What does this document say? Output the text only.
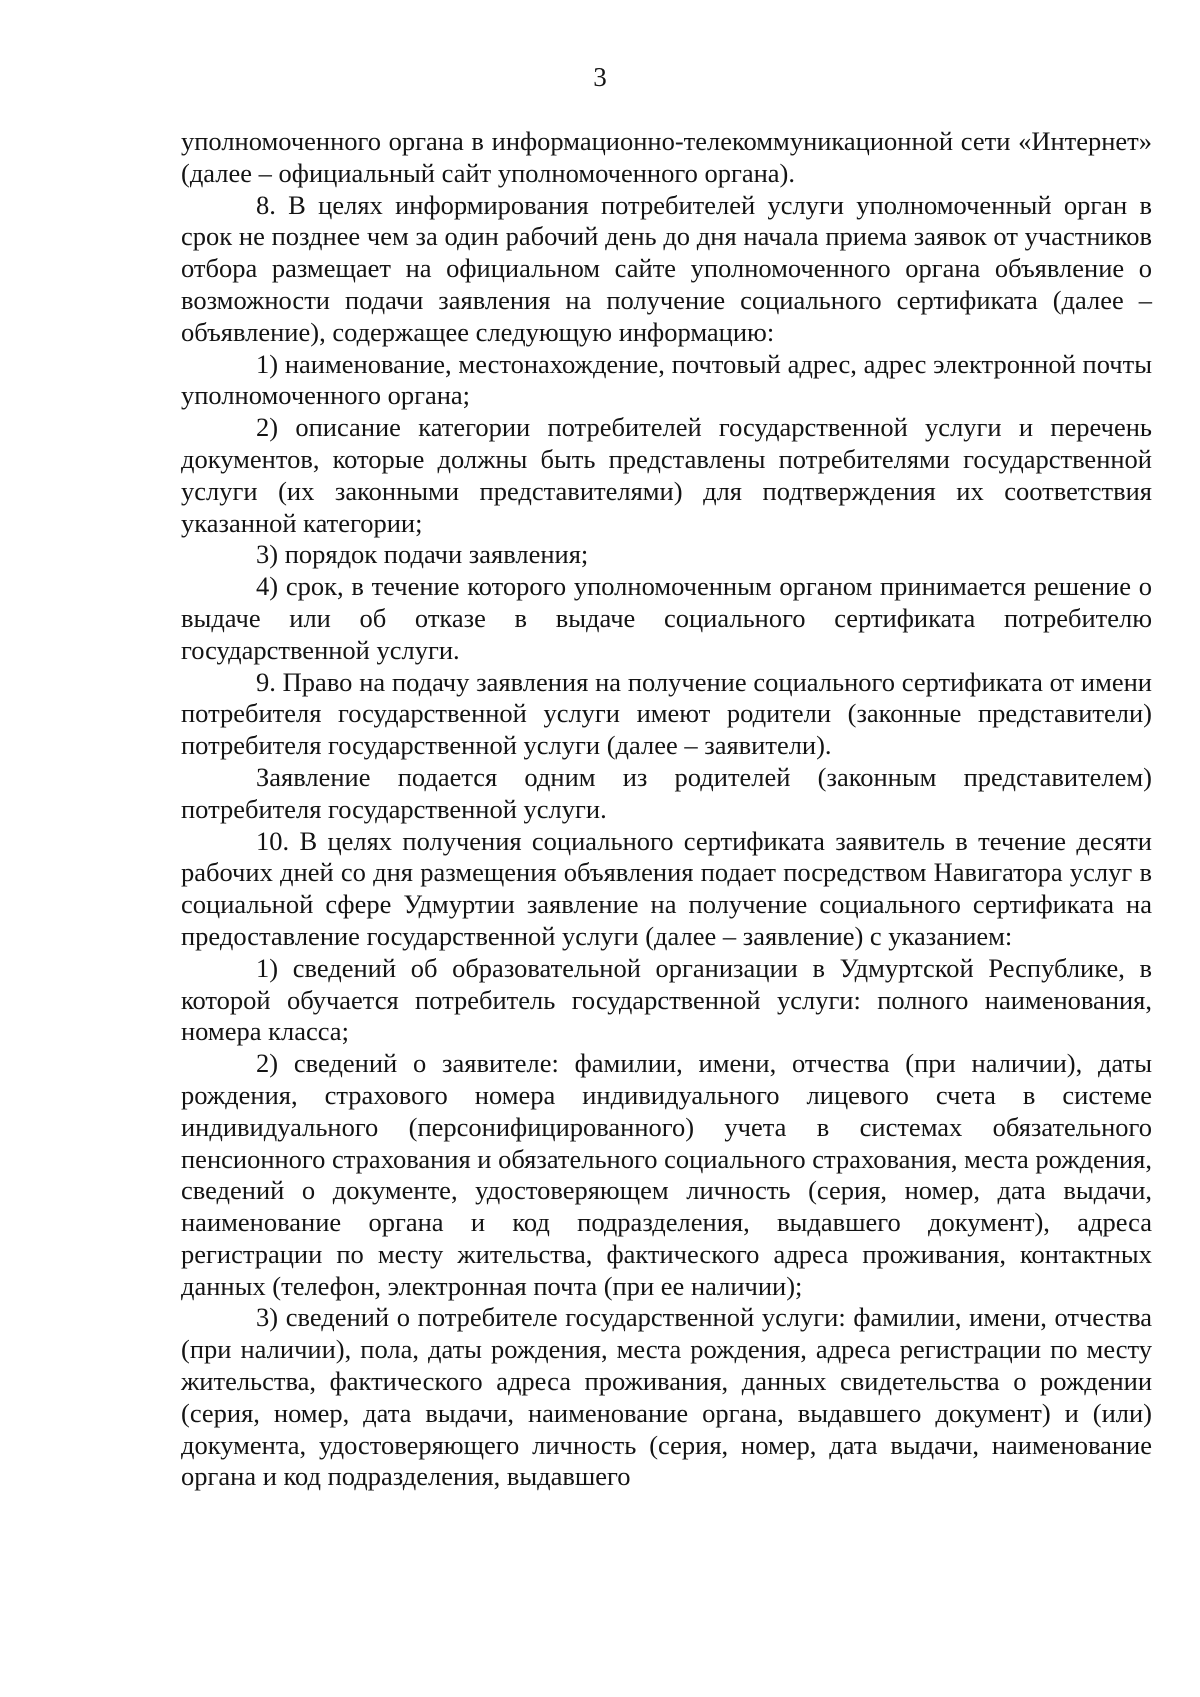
3

уполномоченного органа в информационно-телекоммуникационной сети «Интернет» (далее – официальный сайт уполномоченного органа).

8. В целях информирования потребителей услуги уполномоченный орган в срок не позднее чем за один рабочий день до дня начала приема заявок от участников отбора размещает на официальном сайте уполномоченного органа объявление о возможности подачи заявления на получение социального сертификата (далее – объявление), содержащее следующую информацию:

1) наименование, местонахождение, почтовый адрес, адрес электронной почты уполномоченного органа;

2) описание категории потребителей государственной услуги и перечень документов, которые должны быть представлены потребителями государственной услуги (их законными представителями) для подтверждения их соответствия указанной категории;

3) порядок подачи заявления;

4) срок, в течение которого уполномоченным органом принимается решение о выдаче или об отказе в выдаче социального сертификата потребителю государственной услуги.

9. Право на подачу заявления на получение социального сертификата от имени потребителя государственной услуги имеют родители (законные представители) потребителя государственной услуги (далее – заявители).

Заявление подается одним из родителей (законным представителем) потребителя государственной услуги.

10. В целях получения социального сертификата заявитель в течение десяти рабочих дней со дня размещения объявления подает посредством Навигатора услуг в социальной сфере Удмуртии заявление на получение социального сертификата на предоставление государственной услуги (далее – заявление) с указанием:

1) сведений об образовательной организации в Удмуртской Республике, в которой обучается потребитель государственной услуги: полного наименования, номера класса;

2) сведений о заявителе: фамилии, имени, отчества (при наличии), даты рождения, страхового номера индивидуального лицевого счета в системе индивидуального (персонифицированного) учета в системах обязательного пенсионного страхования и обязательного социального страхования, места рождения, сведений о документе, удостоверяющем личность (серия, номер, дата выдачи, наименование органа и код подразделения, выдавшего документ), адреса регистрации по месту жительства, фактического адреса проживания, контактных данных (телефон, электронная почта (при ее наличии);

3) сведений о потребителе государственной услуги: фамилии, имени, отчества (при наличии), пола, даты рождения, места рождения, адреса регистрации по месту жительства, фактического адреса проживания, данных свидетельства о рождении (серия, номер, дата выдачи, наименование органа, выдавшего документ) и (или) документа, удостоверяющего личность (серия, номер, дата выдачи, наименование органа и код подразделения, выдавшего
